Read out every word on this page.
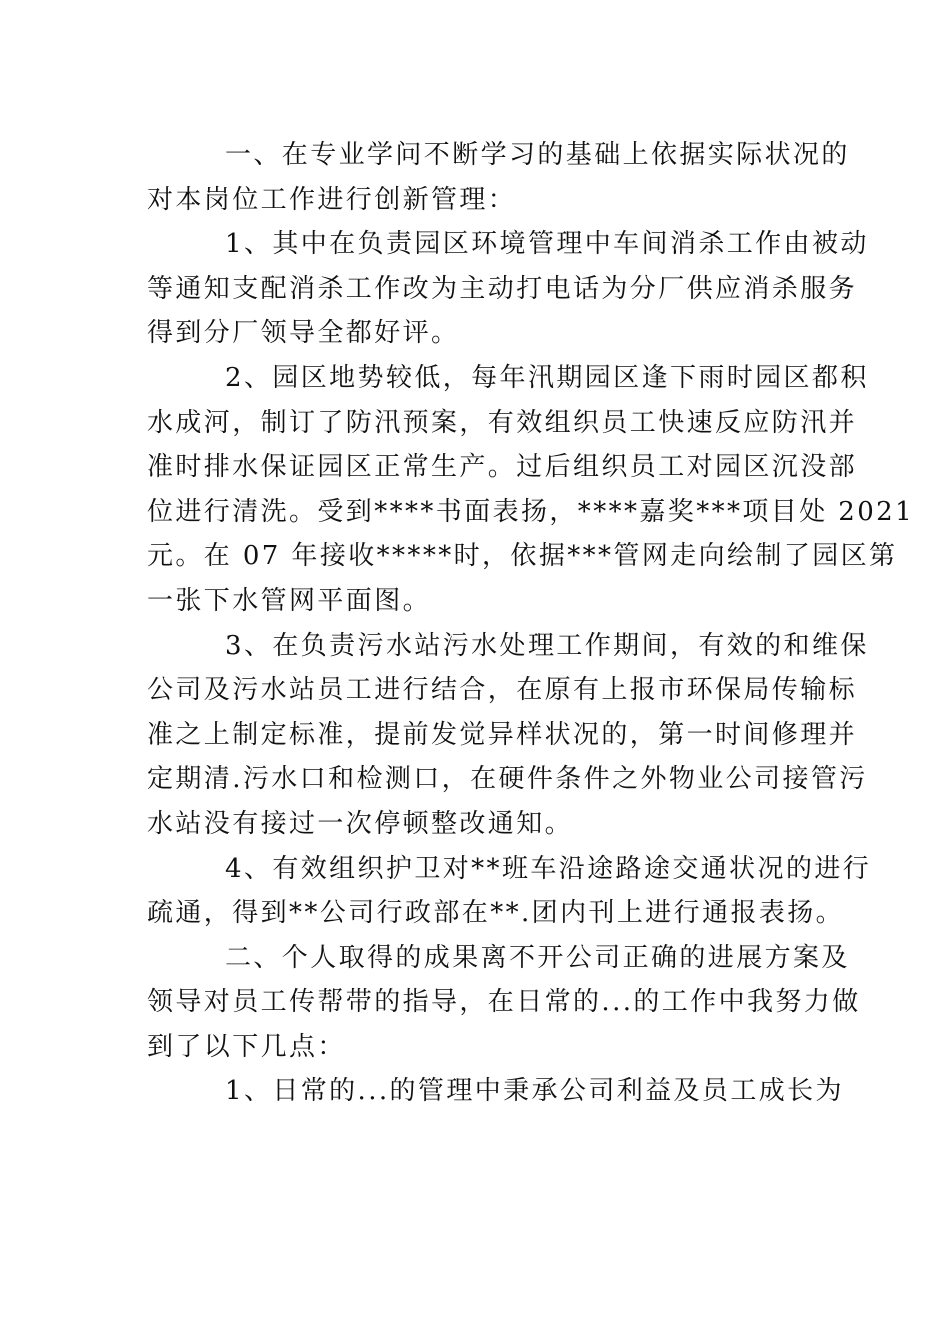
一、在专业学问不断学习的基础上依据实际状况的
对本岗位工作进行创新管理：
1、其中在负责园区环境管理中车间消杀工作由被动
等通知支配消杀工作改为主动打电话为分厂供应消杀服务
得到分厂领导全都好评。
2、园区地势较低，每年汛期园区逢下雨时园区都积
水成河，制订了防汛预案，有效组织员工快速反应防汛并
准时排水保证园区正常生产。过后组织员工对园区沉没部
位进行清洗。受到****书面表扬，****嘉奖***项目处 2021
元。在 07 年接收*****时，依据***管网走向绘制了园区第
一张下水管网平面图。
3、在负责污水站污水处理工作期间，有效的和维保
公司及污水站员工进行结合，在原有上报市环保局传输标
准之上制定标准，提前发觉异样状况的，第一时间修理并
定期清.污水口和检测口，在硬件条件之外物业公司接管污
水站没有接过一次停顿整改通知。
4、有效组织护卫对**班车沿途路途交通状况的进行
疏通，得到**公司行政部在**.团内刊上进行通报表扬。
二、个人取得的成果离不开公司正确的进展方案及
领导对员工传帮带的指导，在日常的...的工作中我努力做
到了以下几点：
1、日常的...的管理中秉承公司利益及员工成长为
